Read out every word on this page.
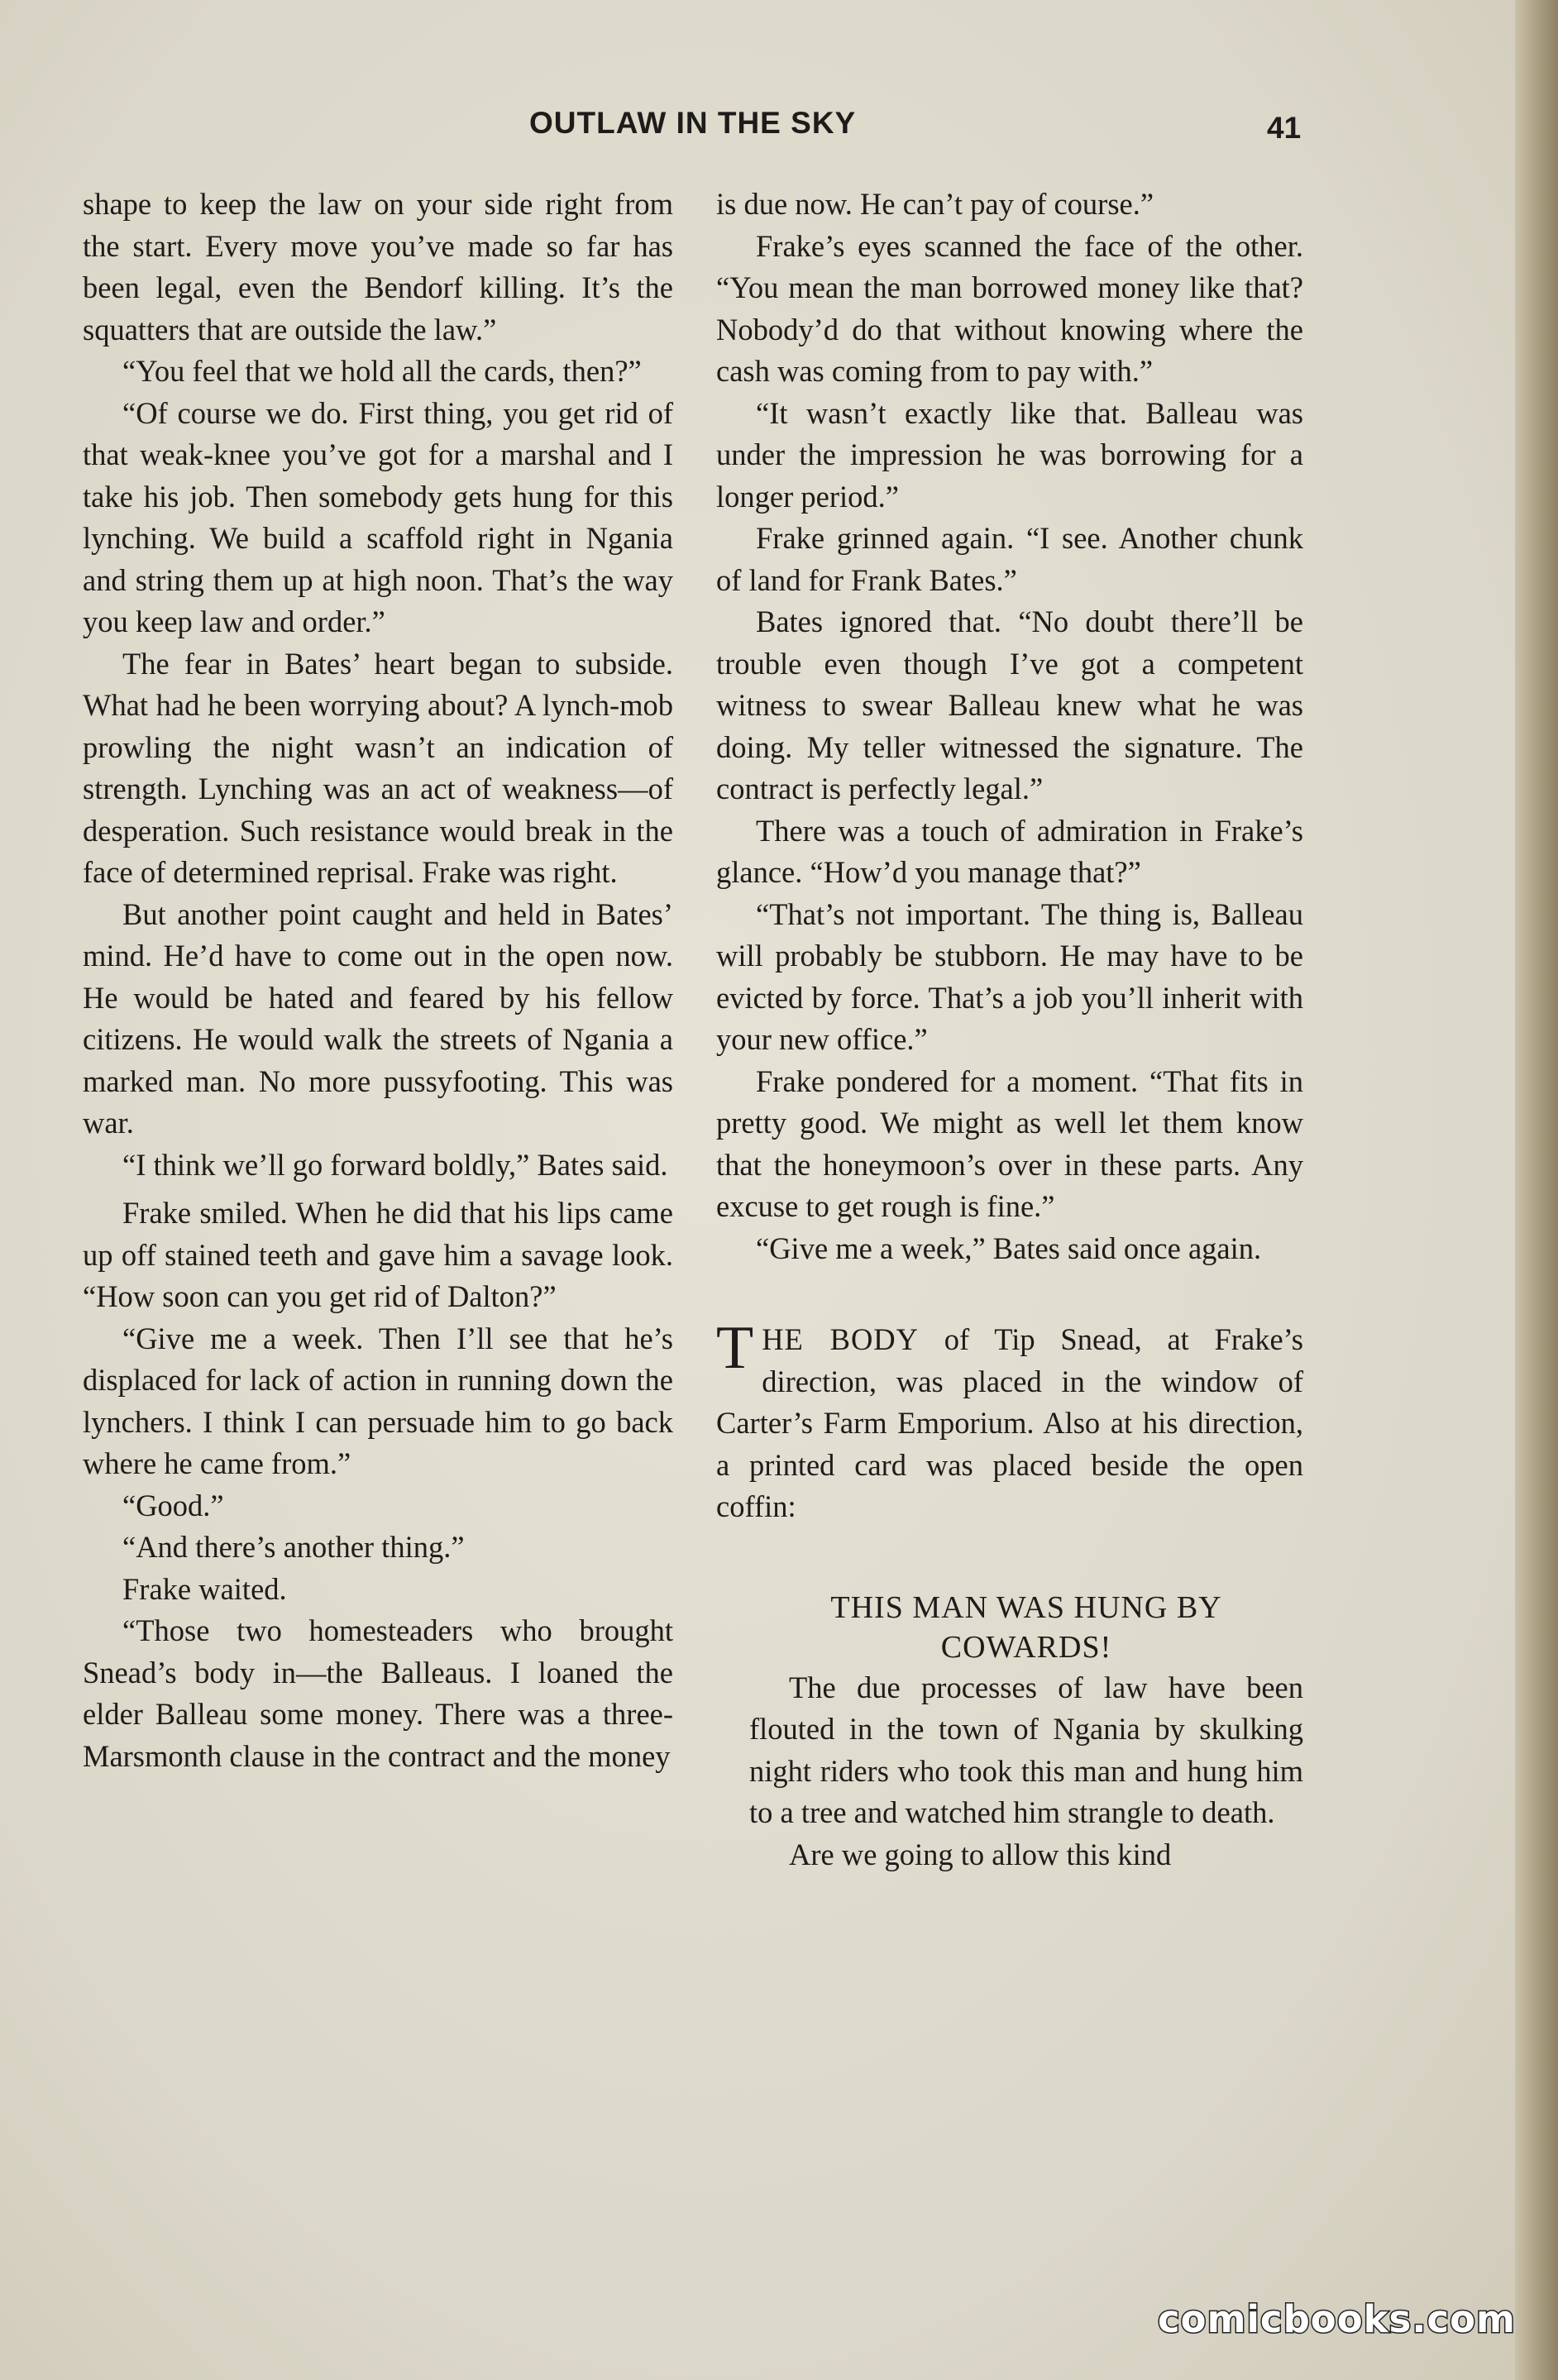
OUTLAW IN THE SKY	41

shape to keep the law on your side right from the start. Every move you’ve made so far has been legal, even the Bendorf killing. It’s the squatters that are outside the law.”

“You feel that we hold all the cards, then?”

“Of course we do. First thing, you get rid of that weak-knee you’ve got for a marshal and I take his job. Then somebody gets hung for this lynching. We build a scaffold right in Ngania and string them up at high noon. That’s the way you keep law and order.”

The fear in Bates’ heart began to subside. What had he been worrying about? A lynch-mob prowling the night wasn’t an indication of strength. Lynching was an act of weakness—of desperation. Such resistance would break in the face of determined reprisal. Frake was right.

But another point caught and held in Bates’ mind. He’d have to come out in the open now. He would be hated and feared by his fellow citizens. He would walk the streets of Ngania a marked man. No more pussyfooting. This was war.

“I think we’ll go forward boldly,” Bates said.

Frake smiled. When he did that his lips came up off stained teeth and gave him a savage look. “How soon can you get rid of Dalton?”

“Give me a week. Then I’ll see that he’s displaced for lack of action in running down the lynchers. I think I can persuade him to go back where he came from.”

“Good.”

“And there’s another thing.”

Frake waited.

“Those two homesteaders who brought Snead’s body in—the Balleaus. I loaned the elder Balleau some money. There was a three-Marsmonth clause in the contract and the money

is due now. He can’t pay of course.”

Frake’s eyes scanned the face of the other. “You mean the man borrowed money like that? Nobody’d do that without knowing where the cash was coming from to pay with.”

“It wasn’t exactly like that. Balleau was under the impression he was borrowing for a longer period.”

Frake grinned again. “I see. Another chunk of land for Frank Bates.”

Bates ignored that. “No doubt there’ll be trouble even though I’ve got a competent witness to swear Balleau knew what he was doing. My teller witnessed the signature. The contract is perfectly legal.”

There was a touch of admiration in Frake’s glance. “How’d you manage that?”

“That’s not important. The thing is, Balleau will probably be stubborn. He may have to be evicted by force. That’s a job you’ll inherit with your new office.”

Frake pondered for a moment. “That fits in pretty good. We might as well let them know that the honeymoon’s over in these parts. Any excuse to get rough is fine.”

“Give me a week,” Bates said once again.

THE BODY of Tip Snead, at Frake’s direction, was placed in the window of Carter’s Farm Emporium. Also at his direction, a printed card was placed beside the open coffin:

THIS MAN WAS HUNG BY
COWARDS!

The due processes of law have been flouted in the town of Ngania by skulking night riders who took this man and hung him to a tree and watched him strangle to death.

Are we going to allow this kind

comicbooks.com
